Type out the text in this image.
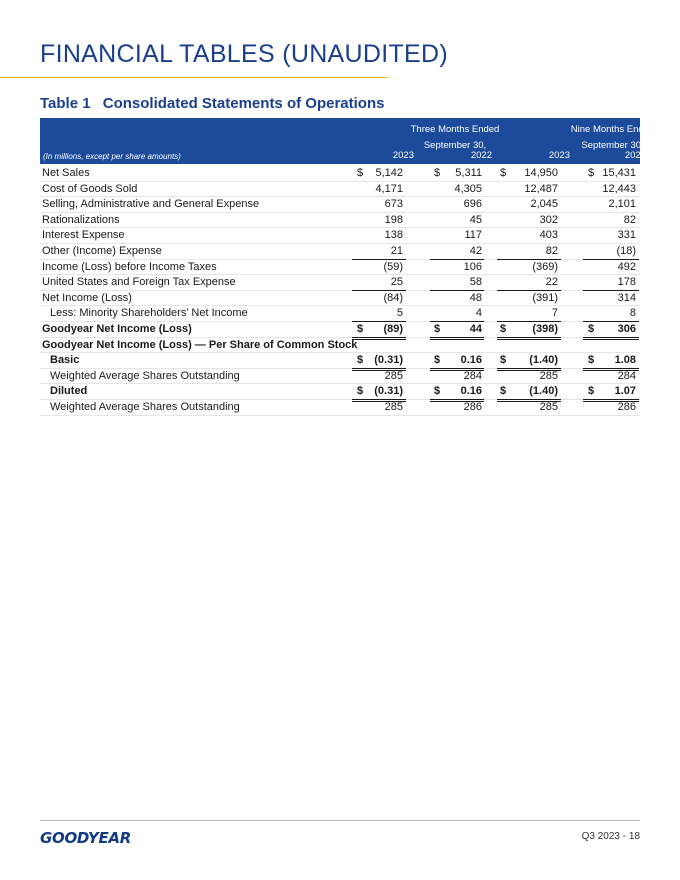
FINANCIAL TABLES (UNAUDITED)
Table 1 Consolidated Statements of Operations
Three Months Ended
September 30,
Nine Months Ended
September 30,
(In millions, except per share amounts)	2023	2022	2023	2022
Net Sales	$	5,142	$	5,311 $	14,950	$ 15,431
Cost of Goods Sold	4,171	4,305	12,487	12,443
Selling, Administrative and General Expense	673	696	2,045	2,101
Rationalizations	198	45	302	82
Interest Expense	138	117	403	331
Other (Income) Expense	21	42	82	(18)
Income (Loss) before Income Taxes	(59)	106	(369)	492
United States and Foreign Tax Expense	25	58	22	178
Net Income (Loss)	(84)	48	(391)	314
Less: Minority Shareholders’ Net Income	5	4	7	8
Goodyear Net Income (Loss)	$	(89)	$	44 $	(398)	$	306
Goodyear Net Income (Loss) — Per Share of Common Stock
Basic	$	(0.31)	$	0.16 $	(1.40)	$	1.08
Weighted Average Shares Outstanding	285	284	285	284
Diluted	$	(0.31)	$	0.16 $	(1.40)	$	1.07
Weighted Average Shares Outstanding	285	286	285	286
GOODYEAR	Q3 2023 - 18
